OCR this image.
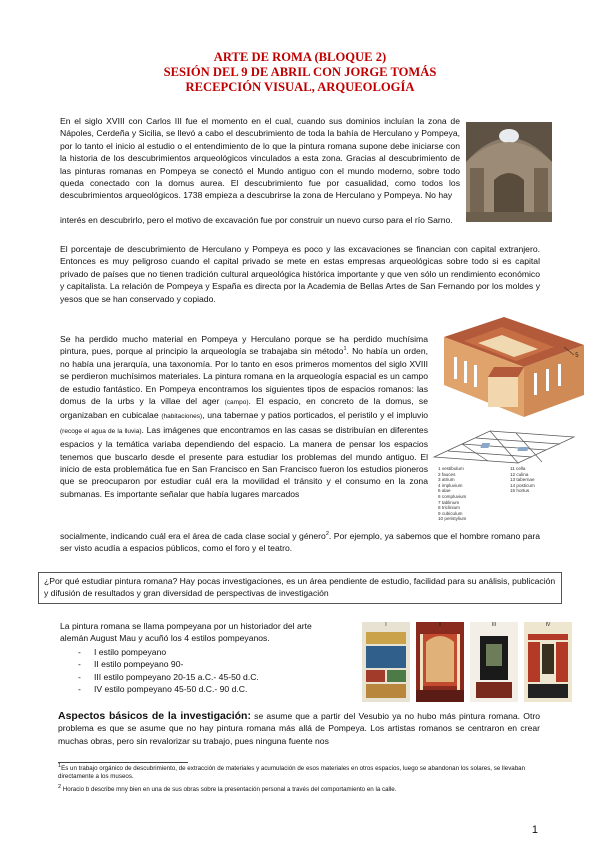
ARTE DE ROMA (BLOQUE 2)
SESIÓN DEL 9 DE ABRIL CON JORGE TOMÁS
RECEPCIÓN VISUAL, ARQUEOLOGÍA

En el siglo XVIII con Carlos III fue el momento en el cual, cuando sus dominios incluían la zona de Nápoles, Cerdeña y Sicilia, se llevó a cabo el descubrimiento de toda la bahía de Herculano y Pompeya, por lo tanto el inicio al estudio o el entendimiento de lo que la pintura romana supone debe iniciarse con la historia de los descubrimientos arqueológicos vinculados a esta zona. Gracias al descubrimiento de las pinturas romanas en Pompeya se conectó el Mundo antiguo con el mundo moderno, sobre todo queda conectado con la domus aurea. El descubrimiento fue por casualidad, como todos los descubrimientos arqueológicos. 1738 empieza a descubrirse la zona de Herculano y Pompeya. No hay

interés en descubrirlo, pero el motivo de excavación fue por construir un nuevo curso para el río Sarno.

El porcentaje de descubrimiento de Herculano y Pompeya es poco y las excavaciones se financian con capital extranjero. Entonces es muy peligroso cuando el capital privado se mete en estas empresas arqueológicas sobre todo si es capital privado de países que no tienen tradición cultural arqueológica histórica importante y que ven sólo un rendimiento económico y capitalista. La relación de Pompeya y España es directa por la Academia de Bellas Artes de San Fernando por los moldes y yesos que se han conservado y copiado.

Se ha perdido mucho material en Pompeya y Herculano porque se ha perdido muchísima pintura, pues, porque al principio la arqueología se trabajaba sin método$^1$. No había un orden, no había una jerarquía, una taxonomía. Por lo tanto en esos primeros momentos del siglo XVIII se perdieron muchísimos materiales. La pintura romana en la arqueología espacial es un campo de estudio fantástico. En Pompeya encontramos los siguientes tipos de espacios romanos: las domus de la urbs y la villae del ager (campo). El espacio, en concreto de la domus, se organizaban en cubicalae (habitaciones), una tabernae y patios porticados, el peristilo y el impluvio (recoge el agua de la lluvia). Las imágenes que encontramos en las casas se distribuían en diferentes espacios y la temática variaba dependiendo del espacio. La manera de pensar los espacios tenemos que buscarlo desde el presente para estudiar los problemas del mundo antiguo. El inicio de esta problemática fue en San Francisco en San Francisco fueron los estudios pioneros que se preocuparon por estudiar cuál era la movilidad el tránsito y el consumo en la zona submanas. Es importante señalar que había lugares marcados

5
1 vestibulum
2 fauces
3 atrium
4 impluvium
5 alae
6 compluvium
7 tablinum
8 triclinium
9 cubiculum
10 peristylium
11 cella
12 culina
13 tabernae
14 posticum
15 hortus

socialmente, indicando cuál era el área de cada clase social y género$^2$. Por ejemplo, ya sabemos que el hombre romano para ser visto acudía a espacios públicos, como el foro y el teatro.

¿Por qué estudiar pintura romana? Hay pocas investigaciones, es un área pendiente de estudio, facilidad para su análisis, publicación y difusión de resultados y gran diversidad de perspectivas de investigación

La pintura romana se llama pompeyana por un historiador del arte alemán August Mau y acuñó los 4 estilos pompeyanos.

- I estilo pompeyano
- II estilo pompeyano 90-
- III estilo pompeyano 20-15 a.C.- 45-50 d.C.
- IV estilo pompeyano 45-50 d.C.- 90 d.C.
I	II	III	IV

Aspectos básicos de la investigación: se asume que a partir del Vesubio ya no hubo más pintura romana. Otro problema es que se asume que no hay pintura romana más allá de Pompeya. Los artistas romanos se centraron en crear muchas obras, pero sin revalorizar su trabajo, pues ninguna fuente nos

$^1$Es un trabajo orgánico de descubrimiento, de extracción de materiales y acumulación de esos materiales en otros espacios, luego se abandonan los solares, se llevaban directamente a los museos.
$^2$ Horacio b describe mny bien en una de sus obras sobre la presentación personal a través del comportamiento en la calle.
1
